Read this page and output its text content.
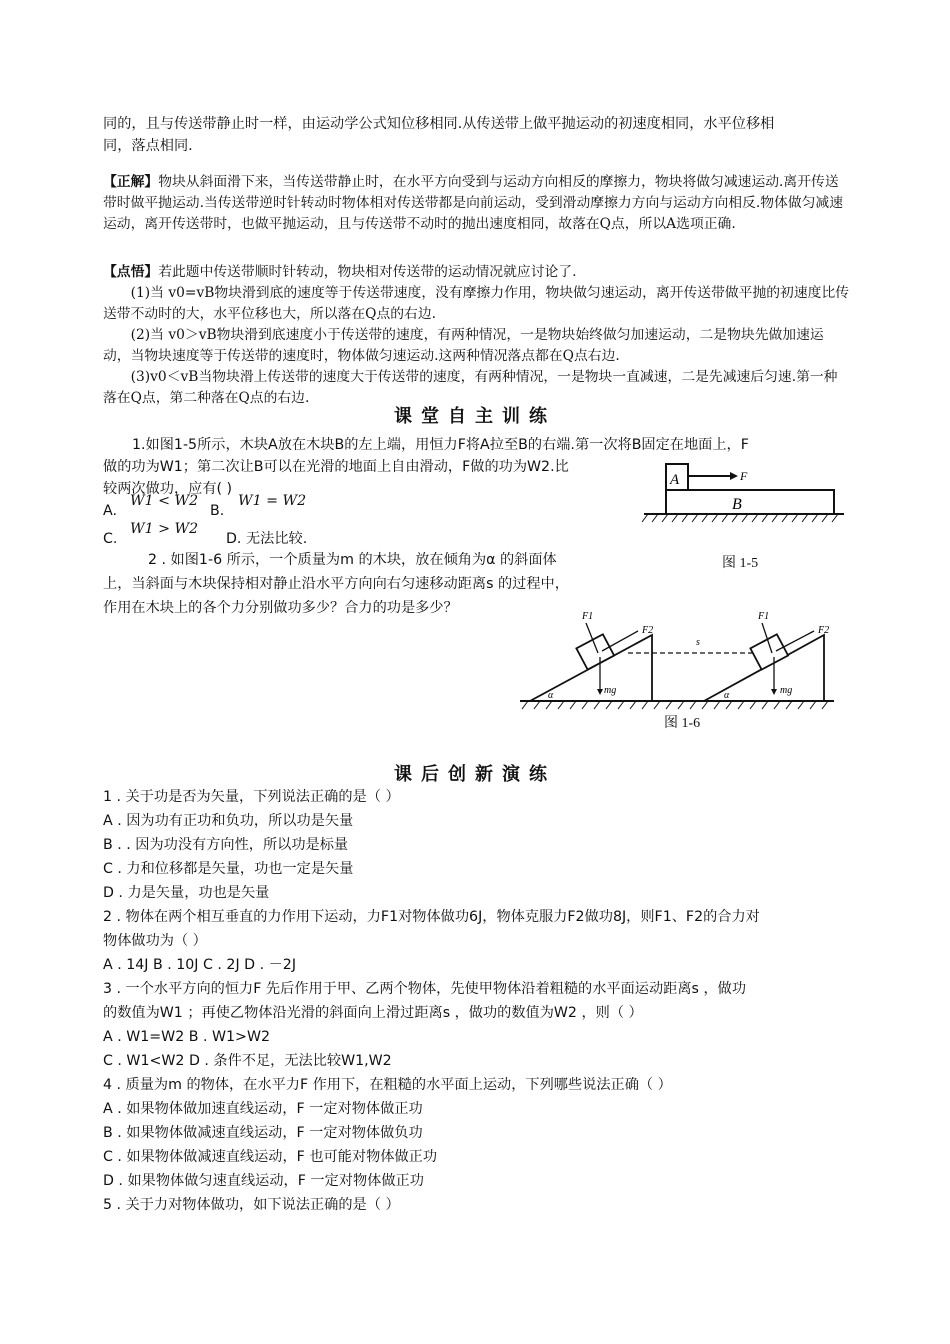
同的，且与传送带静止时一样，由运动学公式知位移相同.从传送带上做平抛运动的初速度相同，水平位移相

同，落点相同.

【正解】物块从斜面滑下来，当传送带静止时，在水平方向受到与运动方向相反的摩擦力，物块将做匀减速运动.离开传送带时做平抛运动.当传送带逆时针转动时物体相对传送带都是向前运动，受到滑动摩擦力方向与运动方向相反.物体做匀减速运动，离开传送带时，也做平抛运动，且与传送带不动时的抛出速度相同，故落在Q点，所以A选项正确.

【点悟】若此题中传送带顺时针转动，物块相对传送带的运动情况就应讨论了.

(1)当 v0=vB物块滑到底的速度等于传送带速度，没有摩擦力作用，物块做匀速运动，离开传送带做平抛的初速度比传送带不动时的大，水平位移也大，所以落在Q点的右边.

(2)当 v0＞vB物块滑到底速度小于传送带的速度，有两种情况，一是物块始终做匀加速运动，二是物块先做加速运动，当物块速度等于传送带的速度时，物体做匀速运动.这两种情况落点都在Q点右边.

(3)v0＜vB当物块滑上传送带的速度大于传送带的速度，有两种情况，一是物块一直减速，二是先减速后匀速.第一种落在Q点，第二种落在Q点的右边.

课堂自主训练
1.如图1-5所示，木块A放在木块B的左上端，用恒力F将A拉至B的右端.第一次将B固定在地面上，F
做的功为W1；第二次让B可以在光滑的地面上自由滑动，F做的功为W2.比
较两次做功，应有( )
A.
W1 < W2
B.
W1 = W2
C.
W1 > W2
D. 无法比较.
A	F
B
图 1-5
2 . 如图1-6 所示，一个质量为m 的木块，放在倾角为α 的斜面体
上，当斜面与木块保持相对静止沿水平方向向右匀速移动距离s 的过程中，
作用在木块上的各个力分别做功多少？合力的功是多少？
F1
F2
mg
α
s
F1
F2
mg
α
图 1-6
课后创新演练
1 . 关于功是否为矢量，下列说法正确的是（ ）
A . 因为功有正功和负功，所以功是矢量
B . . 因为功没有方向性，所以功是标量
C . 力和位移都是矢量，功也一定是矢量
D . 力是矢量，功也是矢量
2 . 物体在两个相互垂直的力作用下运动，力F1对物体做功6J，物体克服力F2做功8J，则F1、F2的合力对
物体做功为（ ）
A . 14J B . 10J C . 2J D . －2J
3 . 一个水平方向的恒力F 先后作用于甲、乙两个物体，先使甲物体沿着粗糙的水平面运动距离s ，做功
的数值为W1 ；再使乙物体沿光滑的斜面向上滑过距离s ，做功的数值为W2 ，则（ ）
A . W1=W2 B . W1>W2
C . W1<W2 D . 条件不足，无法比较W1,W2
4 . 质量为m 的物体，在水平力F 作用下，在粗糙的水平面上运动，下列哪些说法正确（ ）
A . 如果物体做加速直线运动，F 一定对物体做正功
B . 如果物体做减速直线运动，F 一定对物体做负功
C . 如果物体做减速直线运动，F 也可能对物体做正功
D . 如果物体做匀速直线运动，F 一定对物体做正功
5 . 关于力对物体做功，如下说法正确的是（ ）
